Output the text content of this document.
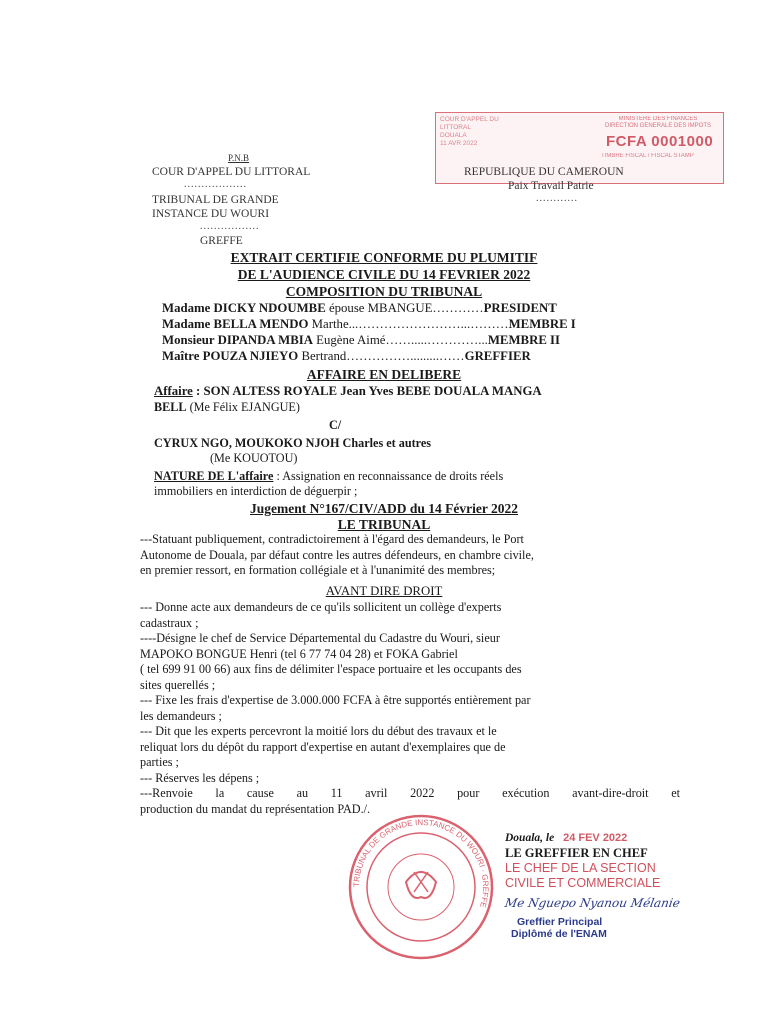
COUR D'APPEL DU
LITTORAL
DOUALA
11 AVR 2022
MINISTERE DES FINANCES
DIRECTION GENERALE DES IMPOTS
FCFA 0001000
TIMBRE FISCAL / FISCAL STAMP
P.N.B
COUR D'APPEL DU LITTORAL
..................
TRIBUNAL DE GRANDE
INSTANCE DU WOURI
.................
GREFFE
REPUBLIQUE DU CAMEROUN
Paix Travail Patrie
............
EXTRAIT CERTIFIE CONFORME DU PLUMITIF
DE L'AUDIENCE CIVILE DU 14 FEVRIER 2022
COMPOSITION DU TRIBUNAL
Madame DICKY NDOUMBE épouse MBANGUE…………PRESIDENT
Madame BELLA MENDO Marthe...……………………...………MEMBRE I
Monsieur DIPANDA MBIA Eugène Aimé…….....…………...MEMBRE II
Maître POUZA NJIEYO Bertrand…………….........……GREFFIER
AFFAIRE EN DELIBERE
Affaire : SON ALTESS ROYALE Jean Yves BEBE DOUALA MANGA
BELL (Me Félix EJANGUE)
C/
CYRUX NGO, MOUKOKO NJOH Charles et autres
(Me KOUOTOU)
NATURE DE L'affaire : Assignation en reconnaissance de droits réels
immobiliers en interdiction de déguerpir ;
Jugement N°167/CIV/ADD du 14 Février 2022
LE TRIBUNAL
---Statuant publiquement, contradictoirement à l'égard des demandeurs, le Port
Autonome de Douala, par défaut contre les autres défendeurs, en chambre civile,
en premier ressort, en formation collégiale et à l'unanimité des membres;
AVANT DIRE DROIT
--- Donne acte aux demandeurs de ce qu'ils sollicitent un collège d'experts
cadastraux ;
----Désigne le chef de Service Départemental du Cadastre du Wouri, sieur
MAPOKO BONGUE Henri (tel 6 77 74 04 28) et FOKA Gabriel
( tel 699 91 00 66) aux fins de délimiter l'espace portuaire et les occupants des
sites querellés ;
--- Fixe les frais d'expertise de 3.000.000 FCFA à être supportés entièrement par
les demandeurs ;
--- Dit que les experts percevront la moitié lors du début des travaux et le
reliquat lors du dépôt du rapport d'expertise en autant d'exemplaires que de
parties ;
--- Réserves les dépens ;
---Renvoie la cause au 11 avril 2022 pour exécution avant-dire-droit et
production du mandat du représentation PAD./.
TRIBUNAL DE GRANDE INSTANCE DU WOURI · GREFFE
Douala, le 24 FEV 2022
LE GREFFIER EN CHEF
LE CHEF DE LA SECTION
CIVILE ET COMMERCIALE
Me Nguepo Nyanou Mélanie
Greffier Principal
Diplômé de l'ENAM
